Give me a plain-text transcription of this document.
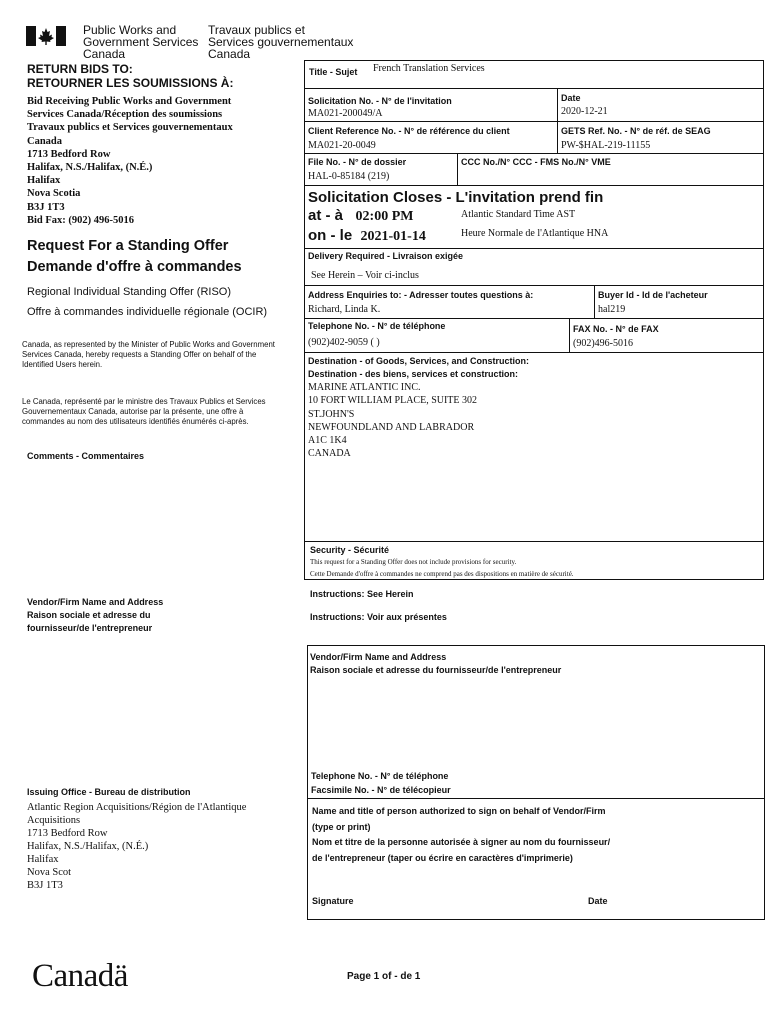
Public Works and
Government Services
Canada
Travaux publics et
Services gouvernementaux
Canada
RETURN BIDS TO:
RETOURNER LES SOUMISSIONS À:
Bid Receiving Public Works and Government
Services Canada/Réception des soumissions
Travaux publics et Services gouvernementaux
Canada
1713 Bedford Row
Halifax, N.S./Halifax, (N.É.)
Halifax
Nova Scotia
B3J 1T3
Bid Fax: (902) 496-5016
Request For a Standing Offer
Demande d'offre à commandes
Regional Individual Standing Offer (RISO)
Offre à commandes individuelle régionale (OCIR)
Canada, as represented by the Minister of Public Works and Government Services Canada, hereby requests a Standing Offer on behalf of the Identified Users herein.
Le Canada, représenté par le ministre des Travaux Publics et Services Gouvernementaux Canada, autorise par la présente, une offre à commandes au nom des utilisateurs identifiés énumérés ci-après.
Comments - Commentaires
Vendor/Firm Name and Address
Raison sociale et adresse du
fournisseur/de l'entrepreneur
Issuing Office - Bureau de distribution
Atlantic Region Acquisitions/Région de l'Atlantique
Acquisitions
1713 Bedford Row
Halifax, N.S./Halifax, (N.É.)
Halifax
Nova Scot
B3J 1T3
Title - Sujet French Translation Services
Solicitation No. - N° de l'invitation
MA021-200049/A
Date
2020-12-21
Client Reference No. - N° de référence du client
MA021-20-0049
GETS Ref. No. - N° de réf. de SEAG
PW-$HAL-219-11155
File No. - N° de dossier
HAL-0-85184 (219)
CCC No./N° CCC - FMS No./N° VME
Solicitation Closes - L'invitation prend fin
at - à 02:00 PM	Atlantic Standard Time AST
on - le 2021-01-14	Heure Normale de l'Atlantique HNA
Delivery Required - Livraison exigée
See Herein – Voir ci-inclus
Address Enquiries to: - Adresser toutes questions à:
Richard, Linda K.
Buyer Id - Id de l'acheteur
hal219
Telephone No. - N° de téléphone
(902)402-9059 ( )
FAX No. - N° de FAX
(902)496-5016
Destination - of Goods, Services, and Construction:
Destination - des biens, services et construction:
MARINE ATLANTIC INC.
10 FORT WILLIAM PLACE, SUITE 302
ST.JOHN'S
NEWFOUNDLAND AND LABRADOR
A1C 1K4
CANADA
Security - Sécurité
This request for a Standing Offer does not include provisions for security.
Cette Demande d'offre à commandes ne comprend pas des dispositions en matière de sécurité.
Instructions: See Herein
Instructions: Voir aux présentes
Vendor/Firm Name and Address
Raison sociale et adresse du fournisseur/de l'entrepreneur
Telephone No. - N° de téléphone
Facsimile No. - N° de télécopieur
Name and title of person authorized to sign on behalf of Vendor/Firm
(type or print)
Nom et titre de la personne autorisée à signer au nom du fournisseur/
de l'entrepreneur (taper ou écrire en caractères d'imprimerie)
Signature	Date
Canadä	Page 1 of - de 1
